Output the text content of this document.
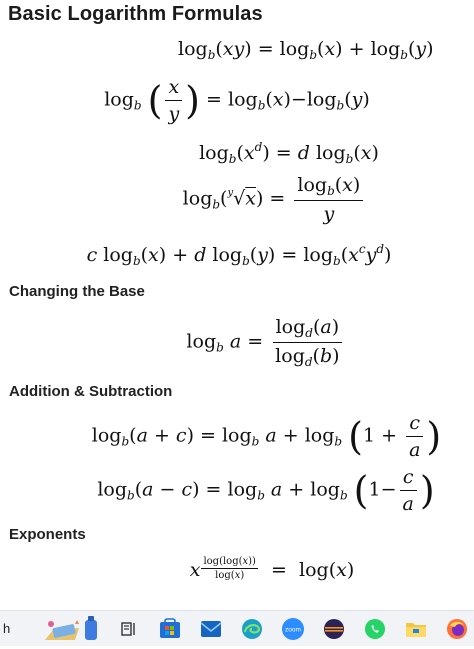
Basic Logarithm Formulas
$\log_b(xy) = \log_b(x) + \log_b(y)$
$\log_b$ ( $\frac{x}{y}$ ) = $\log_b(x)-\log_b(y)$
$\log_b(x^d) = d$ $\log_b(x)$
$\log_b(^y√x) = \frac{\log_b(x)}{y}$
c $\log_b(x) + d$ $\log_b(y) = \log_b(x^cy^d)$
Changing the Base
$\log_b a = \frac{\log_d(a)}{\log_d(b)}$
Addition & Subtraction
$\log_b(a + c) = \log_b a + \log_b (1 + \frac{c}{a}$ )
$\log_b(a - c) = \log_b a + \log_b (1- \frac{c}{a}$ )
Exponents
x $\frac{\log(\log(x))}{\log(x)} = \log(x)$
h	zoom
